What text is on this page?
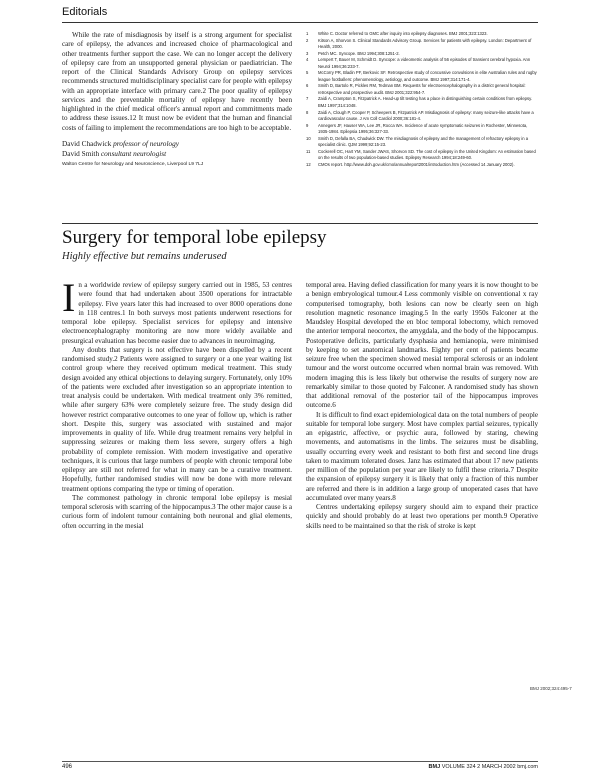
Editorials

While the rate of misdiagnosis by itself is a strong argument for specialist care of epilepsy, the advances and increased choice of pharmacological and other treatments further support the case. We can no longer accept the delivery of epilepsy care from an unsupported general physician or paediatrician. The report of the Clinical Standards Advisory Group on epilepsy services recommends structured multidisciplinary specialist care for people with epilepsy with an appropriate interface with primary care.2 The poor quality of epilepsy services and the preventable mortality of epilepsy have recently been highlighted in the chief medical officer's annual report and commitments made to address these issues.12 It must now be evident that the human and financial costs of failing to implement the recommendations are too high to be acceptable.

David Chadwick professor of neurology
David Smith consultant neurologist
Walton Centre for Neurology and Neuroscience, Liverpool L9 7LJ
1 White C. Doctor referred to GMC after inquiry into epilepsy diagnoses. BMJ 2001;323:1323.
2 Kitson A, Shorvon S. Clinical Standards Advisory Group. Services for patients with epilepsy. London: Department of Health, 2000.
3 Petch MC. Syncope. BMJ 1994;308:1251-2.
4 Lempert T, Bauer M, Schmidt D. Syncope: a videometric analysis of 56 episodes of transient cerebral hypoxia. Ann Neurol 1994;36:233-7.
5 McCorry PR, Bladin PF, Berkovic SF. Retrospective study of concussive convulsions in elite Australian rules and rugby league footballers: phenomenology, aetiology, and outcome. BMJ 1997;314:171-4.
6 Smith D, Bartolo R, Pickles RM, Tedman BM. Requests for electroencephalography in a district general hospital: retrospective and prospective audit. BMJ 2001;322:954-7.
7 Zaidi A, Crampton S, Fitzpatrick A. Head-up tilt testing has a place in distinguishing certain conditions from epilepsy. BMJ 1997;314:1048.
8 Zaidi A, Clough P, Cooper P, Scheepers B, Fitzpatrick AP. Misdiagnosis of epilepsy: many seizure-like attacks have a cardiovascular cause. J Am Coll Cardiol 2000;36:181-4.
9 Annegers JF, Hauser WA, Lee JR, Rocca WA. Incidence of acute symptomatic seizures in Rochester, Minnesota, 1935-1984. Epilepsia 1995;36:327-33.
10 Smith D, Defalla BA, Chadwick DW. The misdiagnosis of epilepsy and the management of refractory epilepsy in a specialist clinic. QJM 1999;92:15-23.
11 Cockerell OC, Hart YM, Sander JWAS, Shorvon SD. The cost of epilepsy in the United Kingdom: An estimation based on the results of two population-based studies. Epilepsy Research 1994;18:249-60.
12 CMOs report. http://www.doh.gov.uk/cmo/annualreport2001/introduction.htm (Accessed 14 January 2002).
Surgery for temporal lobe epilepsy
Highly effective but remains underused

In a worldwide review of epilepsy surgery carried out in 1985, 53 centres were found that had undertaken about 3500 operations for intractable epilepsy. Five years later this had increased to over 8000 operations done in 118 centres.1 In both surveys most patients underwent resections for temporal lobe epilepsy. Specialist services for epilepsy and intensive electroencephalography monitoring are now more widely available and presurgical evaluation has become easier due to advances in neuroimaging.

Any doubts that surgery is not effective have been dispelled by a recent randomised study.2 Patients were assigned to surgery or a one year waiting list control group where they received optimum medical treatment. This study design avoided any ethical objections to delaying surgery. Fortunately, only 10% of the patients were excluded after investigation so an appropriate intention to treat analysis could be undertaken. With medical treatment only 3% remitted, while after surgery 63% were completely seizure free. The study design did however restrict comparative outcomes to one year of follow up, which is rather short. Despite this, surgery was associated with sustained and major improvements in quality of life. While drug treatment remains very helpful in suppressing seizures or making them less severe, surgery offers a high probability of complete remission. With modern investigative and operative techniques, it is curious that large numbers of people with chronic temporal lobe epilepsy are still not referred for what in many can be a curative treatment. Hopefully, further randomised studies will now be done with more relevant treatment options comparing the type or timing of operation.

The commonest pathology in chronic temporal lobe epilepsy is mesial temporal sclerosis with scarring of the hippocampus.3 The other major cause is a curious form of indolent tumour containing both neuronal and glial elements, often occurring in the mesial

temporal area. Having defied classification for many years it is now thought to be a benign embryological tumour.4 Less commonly visible on conventional x ray computerised tomography, both lesions can now be clearly seen on high resolution magnetic resonance imaging.5 In the early 1950s Falconer at the Maudsley Hospital developed the en bloc temporal lobectomy, which removed the anterior temporal neocortex, the amygdala, and the body of the hippocampus. Postoperative deficits, particularly dysphasia and hemianopia, were minimised by keeping to set anatomical landmarks. Eighty per cent of patients became seizure free when the specimen showed mesial temporal sclerosis or an indolent tumour and the worst outcome occurred when normal brain was removed. With modern imaging this is less likely but otherwise the results of surgery now are remarkably similar to those quoted by Falconer. A randomised study has shown that additional removal of the posterior tail of the hippocampus improves outcome.6

It is difficult to find exact epidemiological data on the total numbers of people suitable for temporal lobe surgery. Most have complex partial seizures, typically an epigastric, affective, or psychic aura, followed by staring, chewing movements, and automatisms in the limbs. The seizures must be disabling, usually occurring every week and resistant to both first and second line drugs taken to maximum tolerated doses. Janz has estimated that about 17 new patients per million of the population per year are likely to fulfil these criteria.7 Despite the expansion of epilepsy surgery it is likely that only a fraction of this number are referred and there is in addition a large group of unoperated cases that have accumulated over many years.8

Centres undertaking epilepsy surgery should aim to expand their practice quickly and should probably do at least two operations per month.9 Operative skills need to be maintained so that the risk of stroke is kept

BMJ 2002;324:495-7
496	BMJ VOLUME 324 2 MARCH 2002 bmj.com
